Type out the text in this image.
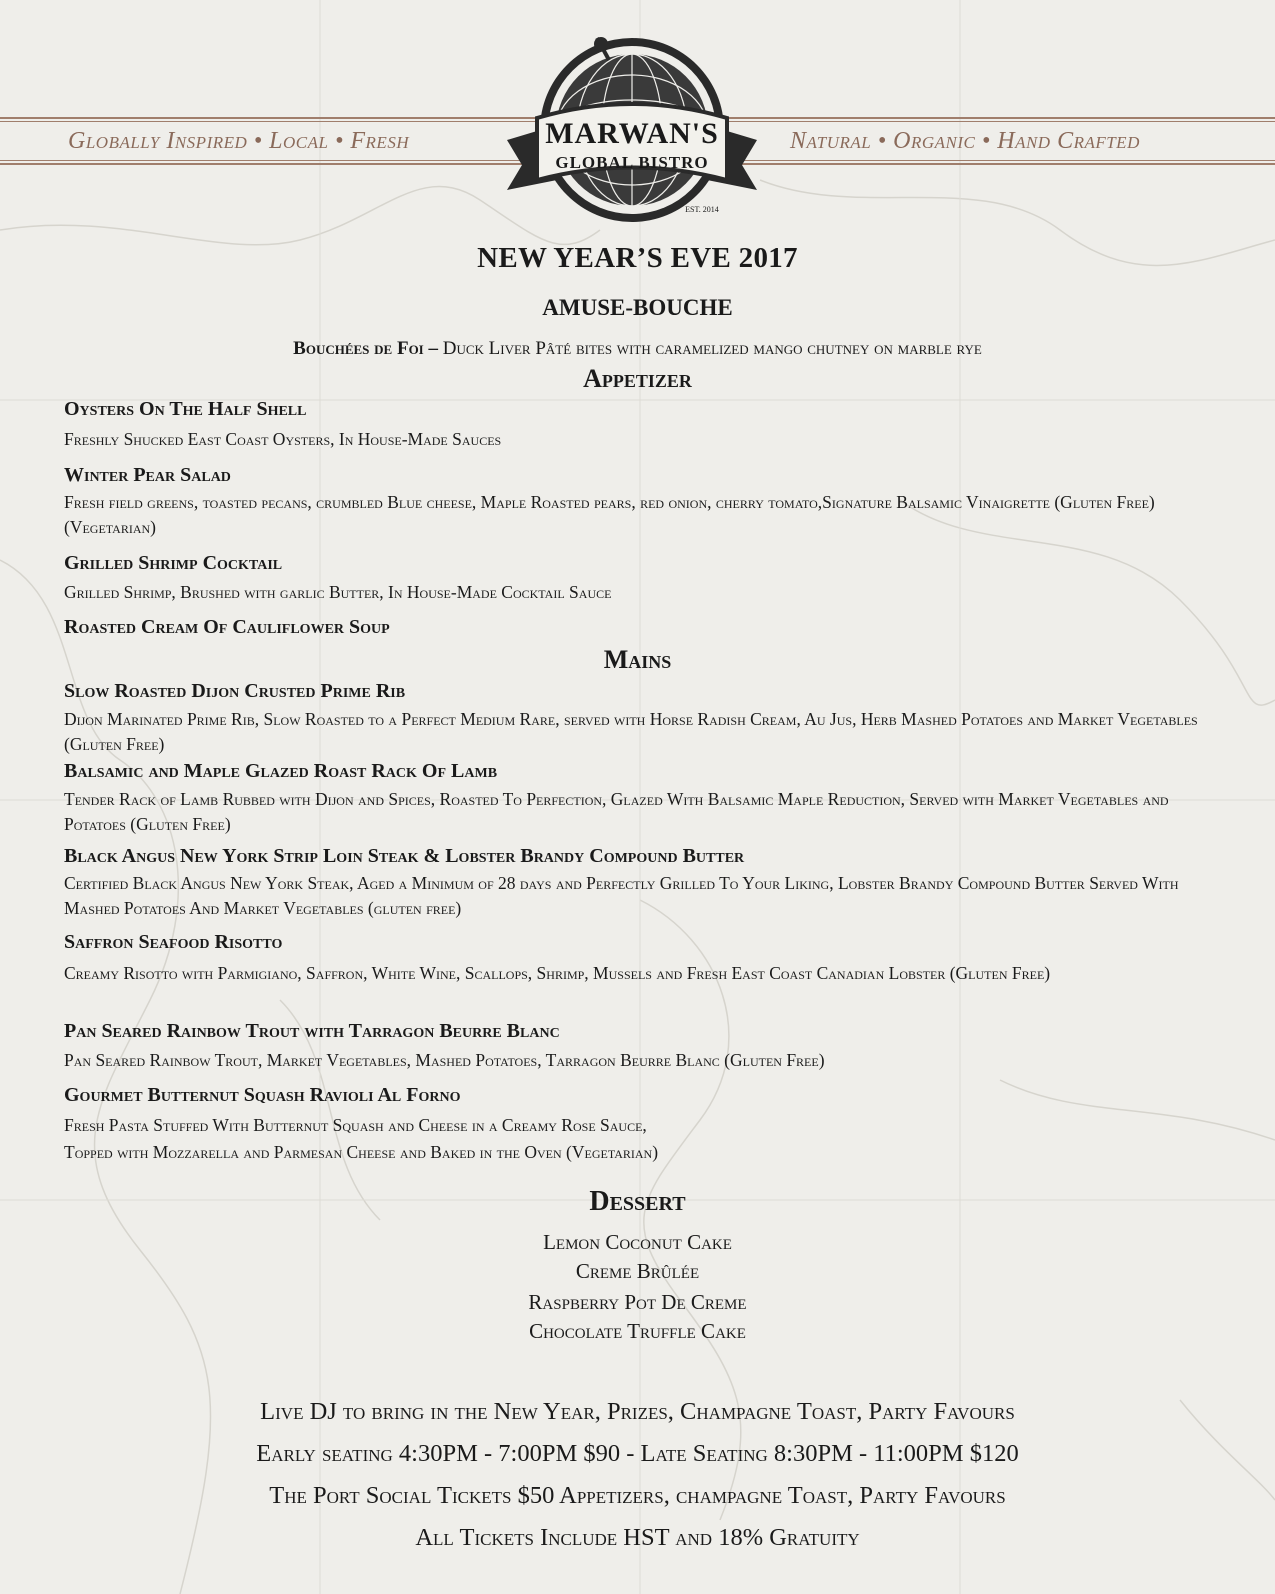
Globally Inspired • Local • Fresh	Natural • Organic • Hand Crafted
MARWAN'S
GLOBAL BISTRO
EST. 2014
NEW YEAR’S EVE 2017
AMUSE-BOUCHE
Bouchées de Foi – Duck Liver Pâté bites with caramelized mango chutney on marble rye
Appetizer
Oysters On The Half Shell
Freshly Shucked East Coast Oysters, In House-Made Sauces
Winter Pear Salad
Fresh field greens, toasted pecans, crumbled Blue cheese, Maple Roasted pears, red onion, cherry tomato,Signature Balsamic Vinaigrette (Gluten Free) (Vegetarian)
Grilled Shrimp Cocktail
Grilled Shrimp, Brushed with garlic Butter, In House-Made Cocktail Sauce
Roasted Cream Of Cauliflower Soup
Mains
Slow Roasted Dijon Crusted Prime Rib
Dijon Marinated Prime Rib, Slow Roasted to a Perfect Medium Rare, served with Horse Radish Cream, Au Jus, Herb Mashed Potatoes and Market Vegetables (Gluten Free)
Balsamic and Maple Glazed Roast Rack Of Lamb
Tender Rack of Lamb Rubbed with Dijon and Spices, Roasted To Perfection, Glazed With Balsamic Maple Reduction, Served with Market Vegetables and Potatoes (Gluten Free)
Black Angus New York Strip Loin Steak & Lobster Brandy Compound Butter
Certified Black Angus New York Steak, Aged a Minimum of 28 days and Perfectly Grilled To Your Liking, Lobster Brandy Compound Butter Served With Mashed Potatoes And Market Vegetables (gluten free)
Saffron Seafood Risotto
Creamy Risotto with Parmigiano, Saffron, White Wine, Scallops, Shrimp, Mussels and Fresh East Coast Canadian Lobster (Gluten Free)
Pan Seared Rainbow Trout with Tarragon Beurre Blanc
Pan Seared Rainbow Trout, Market Vegetables, Mashed Potatoes, Tarragon Beurre Blanc (Gluten Free)
Gourmet Butternut Squash Ravioli Al Forno
Fresh Pasta Stuffed With Butternut Squash and Cheese in a Creamy Rose Sauce,
Topped with Mozzarella and Parmesan Cheese and Baked in the Oven (Vegetarian)
Dessert
Lemon Coconut Cake
Creme Brûlée
Raspberry Pot De Creme
Chocolate Truffle Cake
Live DJ to bring in the New Year, Prizes, Champagne Toast, Party Favours
Early seating 4:30PM - 7:00PM $90 - Late Seating 8:30PM - 11:00PM $120
The Port Social Tickets $50 Appetizers, champagne Toast, Party Favours
All Tickets Include HST and 18% Gratuity
